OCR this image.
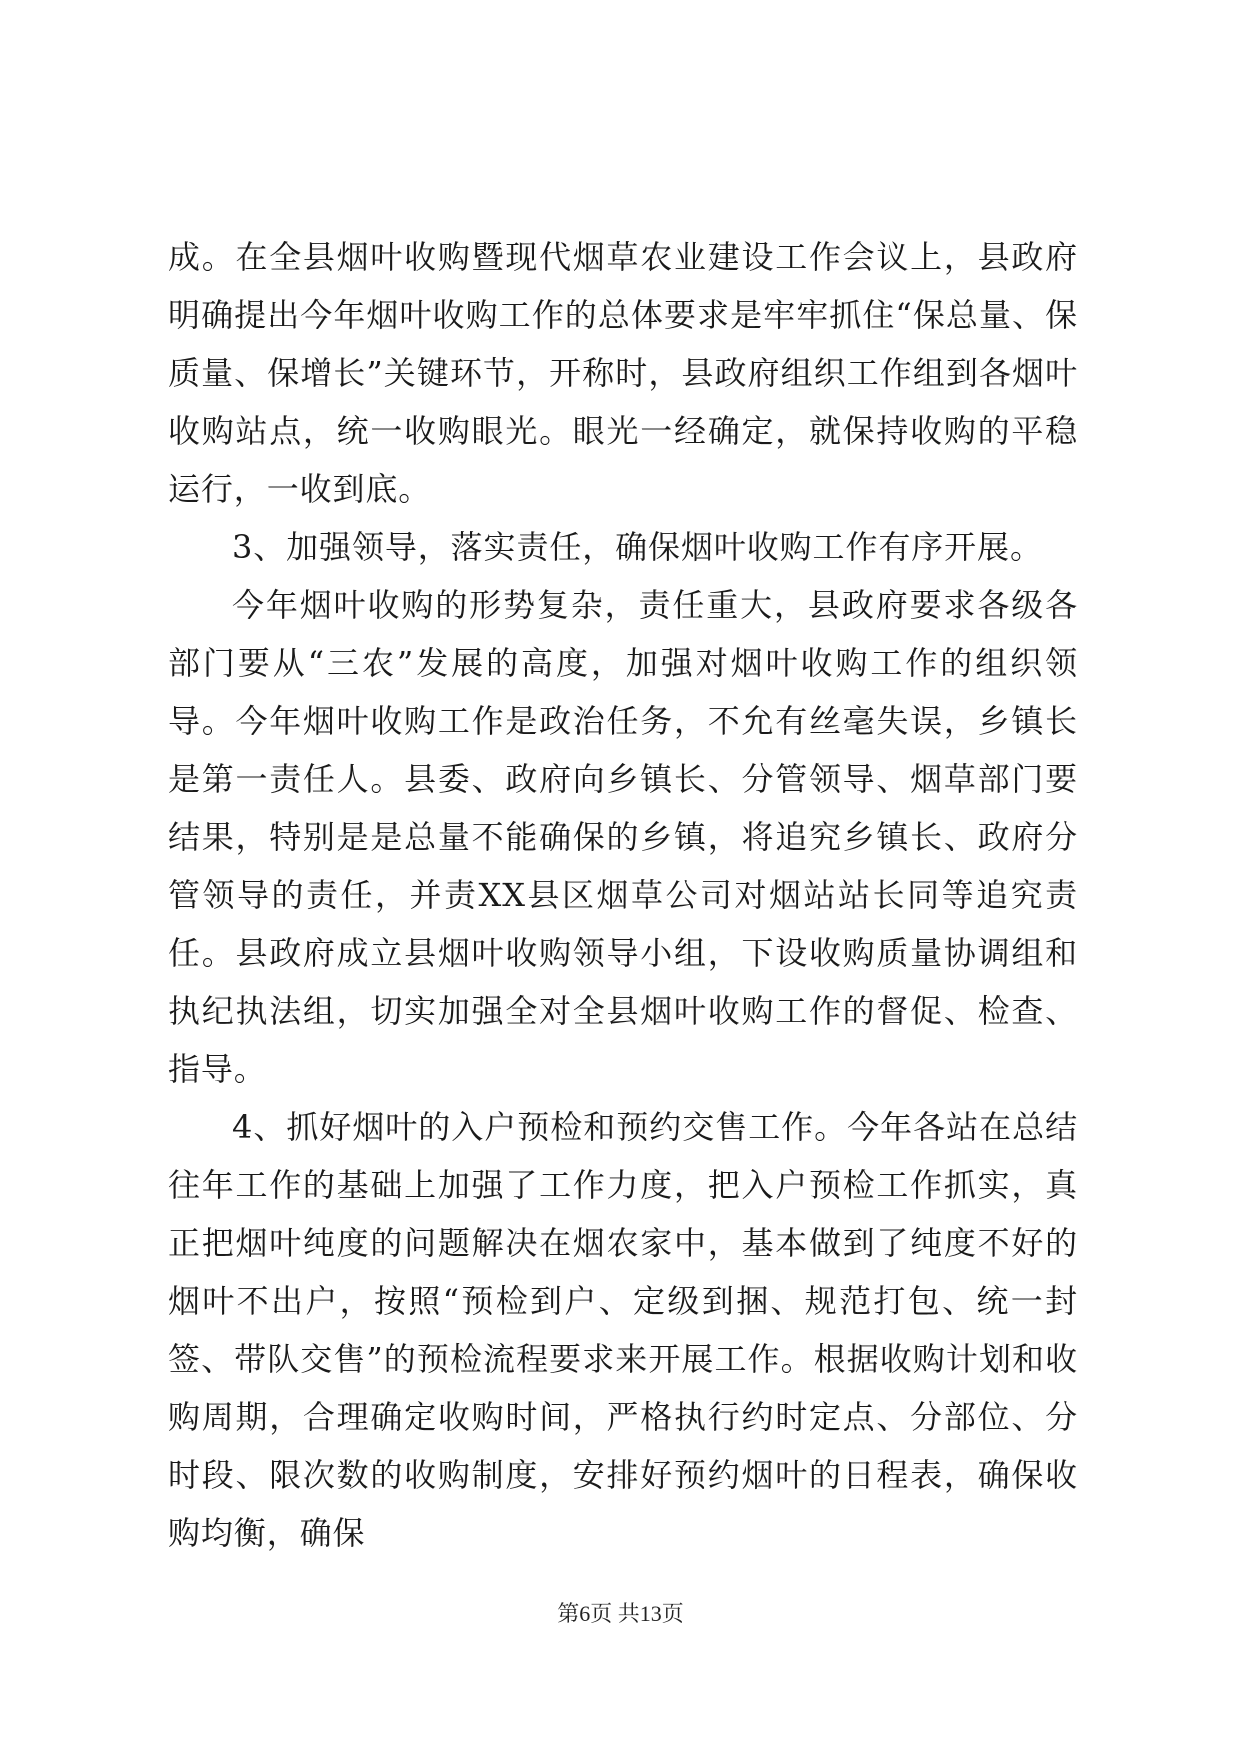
成。在全县烟叶收购暨现代烟草农业建设工作会议上，县政府明确提出今年烟叶收购工作的总体要求是牢牢抓住“保总量、保质量、保增长”关键环节，开称时，县政府组织工作组到各烟叶收购站点，统一收购眼光。眼光一经确定，就保持收购的平稳运行，一收到底。

3、加强领导，落实责任，确保烟叶收购工作有序开展。

今年烟叶收购的形势复杂，责任重大，县政府要求各级各部门要从“三农”发展的高度，加强对烟叶收购工作的组织领导。今年烟叶收购工作是政治任务，不允有丝毫失误，乡镇长是第一责任人。县委、政府向乡镇长、分管领导、烟草部门要结果，特别是是总量不能确保的乡镇，将追究乡镇长、政府分管领导的责任，并责XX县区烟草公司对烟站站长同等追究责任。县政府成立县烟叶收购领导小组，下设收购质量协调组和执纪执法组，切实加强全对全县烟叶收购工作的督促、检查、指导。

4、抓好烟叶的入户预检和预约交售工作。今年各站在总结往年工作的基础上加强了工作力度，把入户预检工作抓实，真正把烟叶纯度的问题解决在烟农家中，基本做到了纯度不好的烟叶不出户，按照“预检到户、定级到捆、规范打包、统一封签、带队交售”的预检流程要求来开展工作。根据收购计划和收购周期，合理确定收购时间，严格执行约时定点、分部位、分时段、限次数的收购制度，安排好预约烟叶的日程表，确保收购均衡，确保

第6页 共13页
